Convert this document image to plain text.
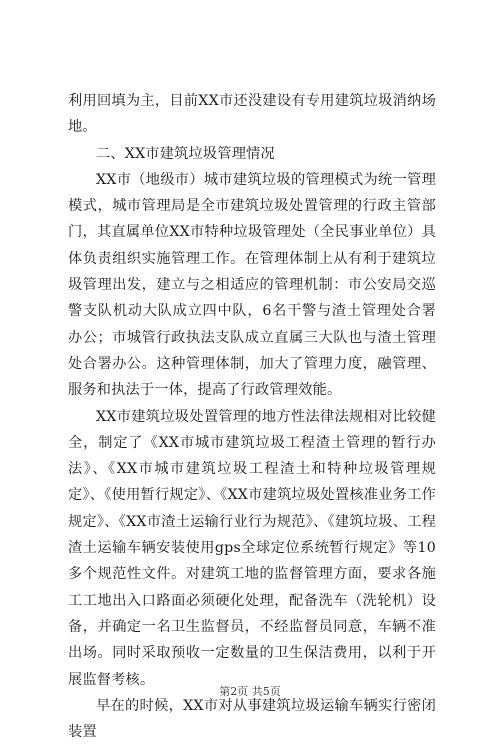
利用回填为主，目前XX市还没建设有专用建筑垃圾消纳场地。

二、XX市建筑垃圾管理情况

XX市（地级市）城市建筑垃圾的管理模式为统一管理模式，城市管理局是全市建筑垃圾处置管理的行政主管部门，其直属单位XX市特种垃圾管理处（全民事业单位）具体负责组织实施管理工作。在管理体制上从有利于建筑垃圾管理出发，建立与之相适应的管理机制：市公安局交巡警支队机动大队成立四中队，6名干警与渣土管理处合署办公；市城管行政执法支队成立直属三大队也与渣土管理处合署办公。这种管理体制，加大了管理力度，融管理、服务和执法于一体，提高了行政管理效能。

XX市建筑垃圾处置管理的地方性法律法规相对比较健全，制定了《XX市城市建筑垃圾工程渣土管理的暂行办法》、《XX市城市建筑垃圾工程渣土和特种垃圾管理规定》、《使用暂行规定》、《XX市建筑垃圾处置核准业务工作规定》、《XX市渣土运输行业行为规范》、《建筑垃圾、工程渣土运输车辆安装使用gps全球定位系统暂行规定》等10多个规范性文件。对建筑工地的监督管理方面，要求各施工工地出入口路面必须硬化处理，配备洗车（洗轮机）设备，并确定一名卫生监督员，不经监督员同意，车辆不准出场。同时采取预收一定数量的卫生保洁费用，以利于开展监督考核。

早在的时候，XX市对从事建筑垃圾运输车辆实行密闭装置

第2页 共5页
